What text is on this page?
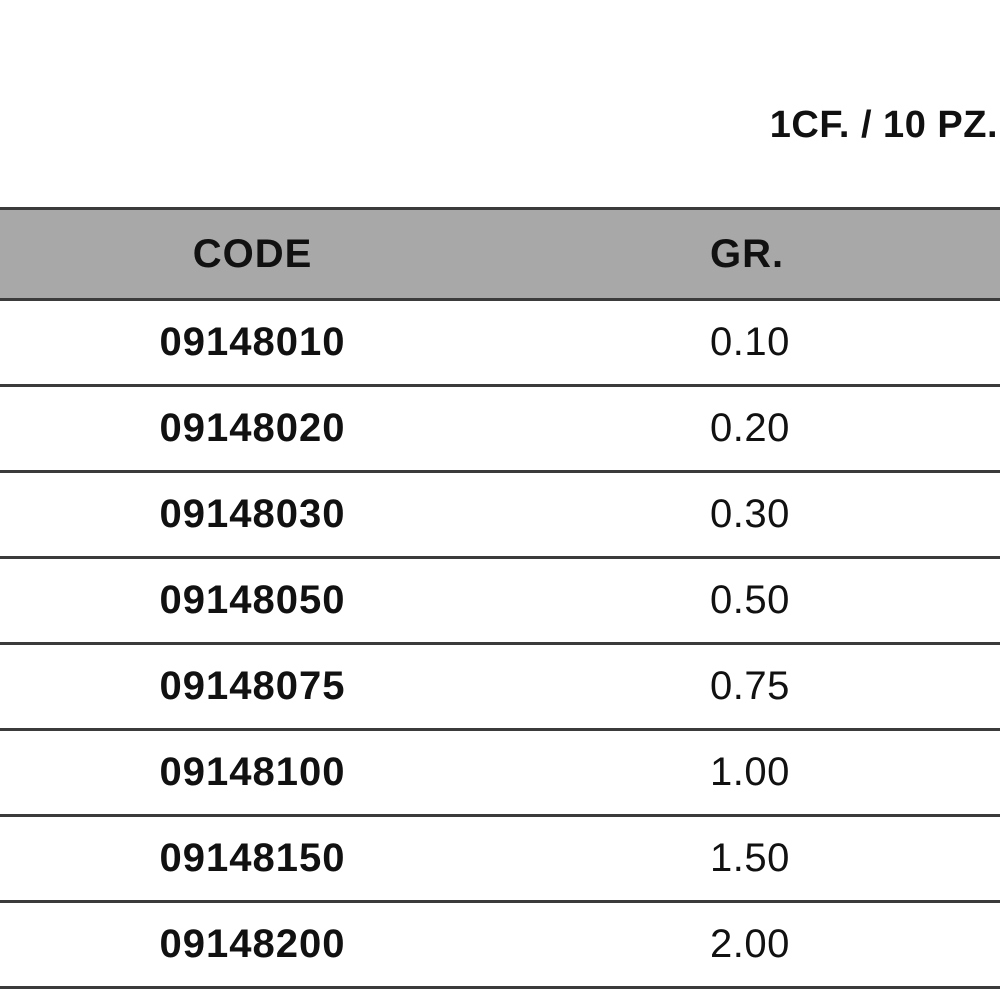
1CF. / 10 PZ.
CODE	GR.
09148010	0.10
09148020	0.20
09148030	0.30
09148050	0.50
09148075	0.75
09148100	1.00
09148150	1.50
09148200	2.00
